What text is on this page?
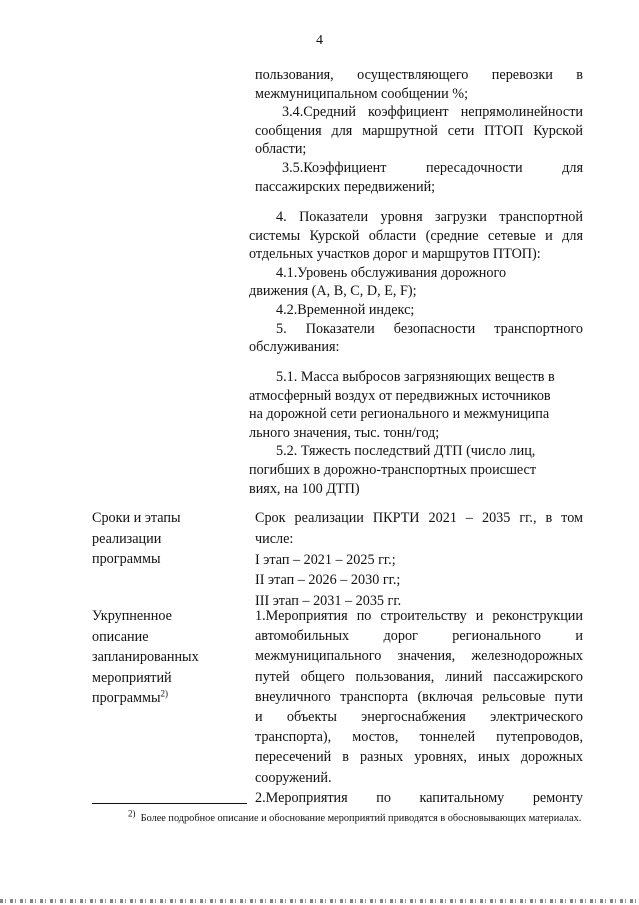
4

пользования, осуществляющего перевозки в

межмуниципальном сообщении %;

3.4.Средний коэффициент непрямолинейности

сообщения для маршрутной сети ПТОП Курской

области;

3.5.Коэффициент пересадочности для

пассажирских передвижений;

4. Показатели уровня загрузки транспортной

системы Курской области (средние сетевые и для

отдельных участков дорог и маршрутов ПТОП):

4.1.Уровень обслуживания дорожного

движения (А, В, С, D, Е, F);

4.2.Временной индекс;

5. Показатели безопасности транспортного

обслуживания:

5.1. Масса выбросов загрязняющих веществ в

атмосферный воздух от передвижных источников

на дорожной сети регионального и межмуниципа

льного значения, тыс. тонн/год;

5.2. Тяжесть последствий ДТП (число лиц,

погибших в дорожно-транспортных происшест

виях, на 100 ДТП)

Сроки и этапы

реализации

программы

Срок реализации ПКРТИ 2021 – 2035 гг., в том

числе:

I этап – 2021 – 2025 гг.;

II этап – 2026 – 2030 гг.;

III этап – 2031 – 2035 гг.

Укрупненное

описание

запланированных

мероприятий

программы$^{2)}$

1.Мероприятия по строительству и реконструкции

автомобильных дорог регионального и

межмуниципального значения, железнодорожных

путей общего пользования, линий пассажирского

внеуличного транспорта (включая рельсовые пути

и объекты энергоснабжения электрического

транспорта), мостов, тоннелей путепроводов,

пересечений в разных уровнях, иных дорожных

сооружений.

2.Мероприятия по капитальному ремонту

$^{2)}$ Более подробное описание и обоснование мероприятий приводятся в обосновывающих материалах.
